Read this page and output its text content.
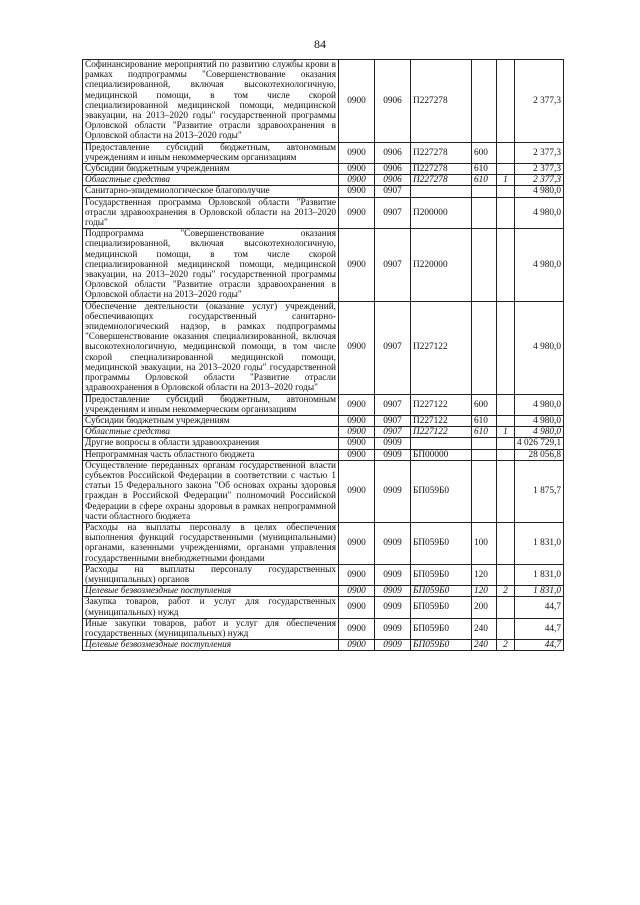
84
Софинансирование мероприятий по развитию службы крови в рамках подпрограммы "Совершенствование оказания специализированной, включая высокотехнологичную, медицинской помощи, в том числе скорой специализированной медицинской помощи, медицинской эвакуации, на 2013–2020 годы" государственной программы Орловской области "Развитие отрасли здравоохранения в Орловской области на 2013–2020 годы"	0900	0906	П227278			2 377,3
Предоставление субсидий бюджетным, автономным учреждениям и иным некоммерческим организациям	0900	0906	П227278	600		2 377,3
Субсидии бюджетным учреждениям	0900	0906	П227278	610		2 377,3
Областные средства	0900	0906	П227278	610	1	2 377,3
Санитарно-эпидемиологическое благополучие	0900	0907				4 980,0
Государственная программа Орловской области "Развитие отрасли здравоохранения в Орловской области на 2013–2020 годы"	0900	0907	П200000			4 980,0
Подпрограмма "Совершенствование оказания специализированной, включая высокотехнологичную, медицинской помощи, в том числе скорой специализированной медицинской помощи, медицинской эвакуации, на 2013–2020 годы" государственной программы Орловской области "Развитие отрасли здравоохранения в Орловской области на 2013–2020 годы"	0900	0907	П220000			4 980,0
Обеспечение деятельности (оказание услуг) учреждений, обеспечивающих государственный санитарно-эпидемиологический надзор, в рамках подпрограммы "Совершенствование оказания специализированной, включая высокотехнологичную, медицинской помощи, в том числе скорой специализированной медицинской помощи, медицинской эвакуации, на 2013–2020 годы" государственной программы Орловской области "Развитие отрасли здравоохранения в Орловской области на 2013–2020 годы"	0900	0907	П227122			4 980,0
Предоставление субсидий бюджетным, автономным учреждениям и иным некоммерческим организациям	0900	0907	П227122	600		4 980,0
Субсидии бюджетным учреждениям	0900	0907	П227122	610		4 980,0
Областные средства	0900	0907	П227122	610	1	4 980,0
Другие вопросы в области здравоохранения	0900	0909				4 026 729,1
Непрограммная часть областного бюджета	0900	0909	БП00000			28 056,8
Осуществление переданных органам государственной власти субъектов Российской Федерации в соответствии с частью 1 статьи 15 Федерального закона "Об основах охраны здоровья граждан в Российской Федерации" полномочий Российской Федерации в сфере охраны здоровья в рамках непрограммной части областного бюджета	0900	0909	БП059Б0			1 875,7
Расходы на выплаты персоналу в целях обеспечения выполнения функций государственными (муниципальными) органами, казенными учреждениями, органами управления государственными внебюджетными фондами	0900	0909	БП059Б0	100		1 831,0
Расходы на выплаты персоналу государственных (муниципальных) органов	0900	0909	БП059Б0	120		1 831,0
Целевые безвозмездные поступления	0900	0909	БП059Б0	120	2	1 831,0
Закупка товаров, работ и услуг для государственных (муниципальных) нужд	0900	0909	БП059Б0	200		44,7
Иные закупки товаров, работ и услуг для обеспечения государственных (муниципальных) нужд	0900	0909	БП059Б0	240		44,7
Целевые безвозмездные поступления	0900	0909	БП059Б0	240	2	44,7
